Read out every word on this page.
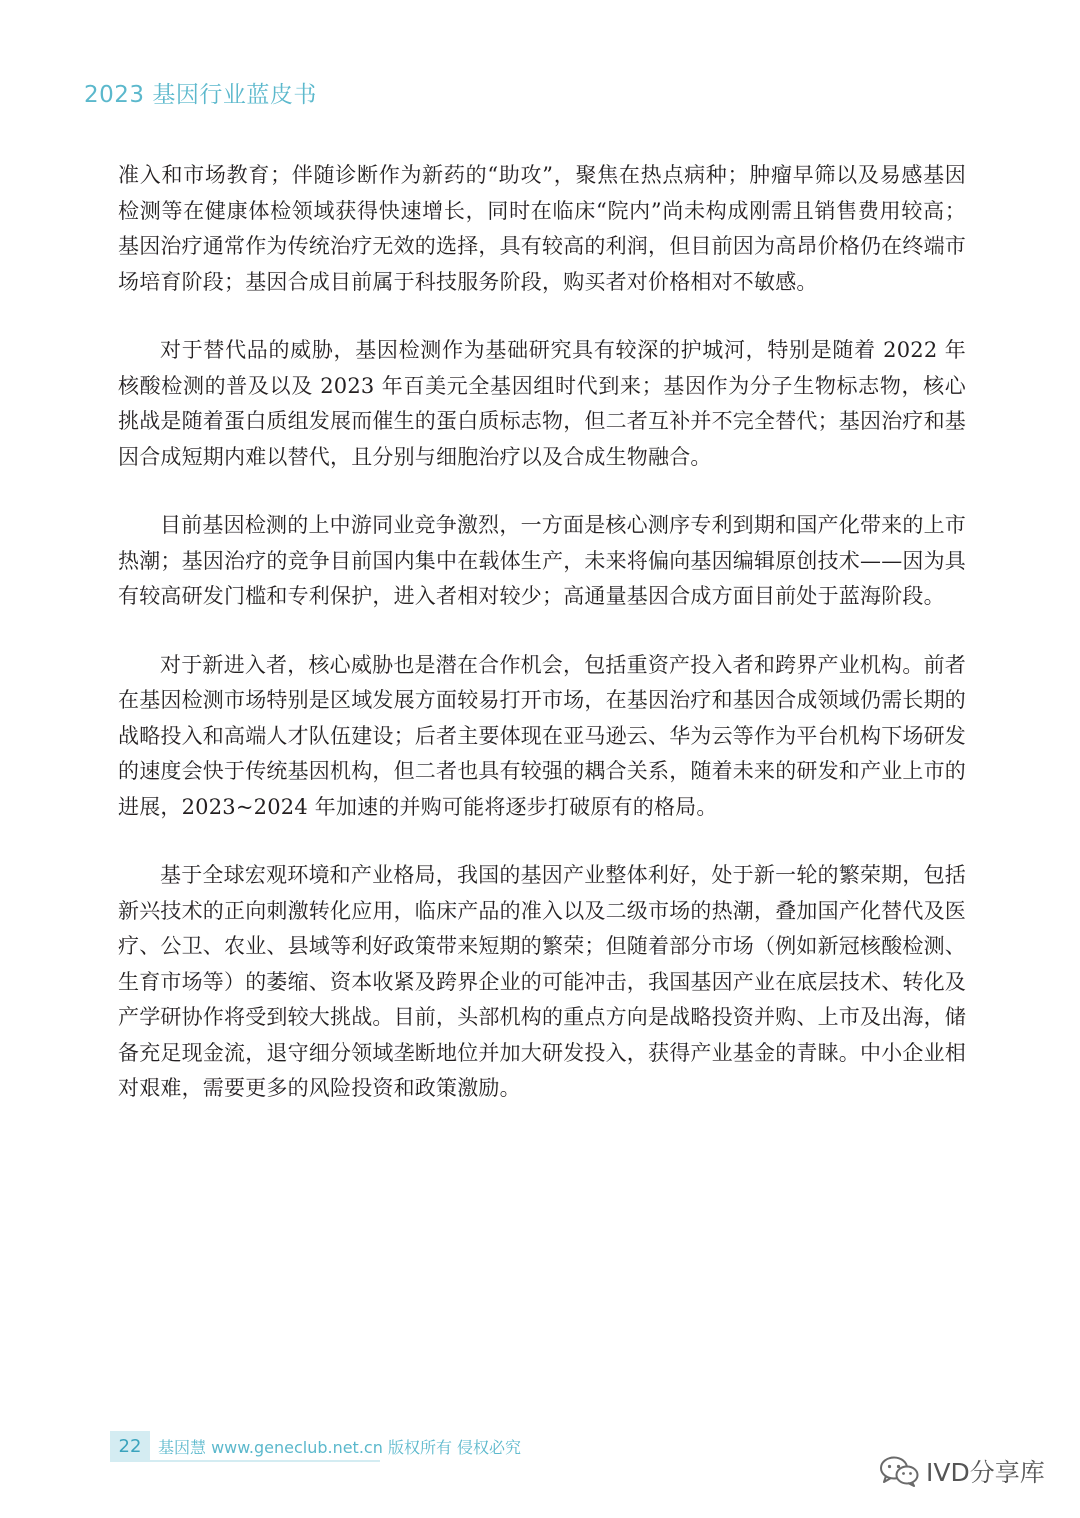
2023 基因行业蓝皮书

准入和市场教育；伴随诊断作为新药的“助攻”，聚焦在热点病种；肿瘤早筛以及易感基因检测等在健康体检领域获得快速增长，同时在临床“院内”尚未构成刚需且销售费用较高；基因治疗通常作为传统治疗无效的选择，具有较高的利润，但目前因为高昂价格仍在终端市场培育阶段；基因合成目前属于科技服务阶段，购买者对价格相对不敏感。

对于替代品的威胁，基因检测作为基础研究具有较深的护城河，特别是随着 2022 年核酸检测的普及以及 2023 年百美元全基因组时代到来；基因作为分子生物标志物，核心挑战是随着蛋白质组发展而催生的蛋白质标志物，但二者互补并不完全替代；基因治疗和基因合成短期内难以替代，且分别与细胞治疗以及合成生物融合。

目前基因检测的上中游同业竞争激烈，一方面是核心测序专利到期和国产化带来的上市热潮；基因治疗的竞争目前国内集中在载体生产，未来将偏向基因编辑原创技术——因为具有较高研发门槛和专利保护，进入者相对较少；高通量基因合成方面目前处于蓝海阶段。

对于新进入者，核心威胁也是潜在合作机会，包括重资产投入者和跨界产业机构。前者在基因检测市场特别是区域发展方面较易打开市场，在基因治疗和基因合成领域仍需长期的战略投入和高端人才队伍建设；后者主要体现在亚马逊云、华为云等作为平台机构下场研发的速度会快于传统基因机构，但二者也具有较强的耦合关系，随着未来的研发和产业上市的进展，2023~2024 年加速的并购可能将逐步打破原有的格局。

基于全球宏观环境和产业格局，我国的基因产业整体利好，处于新一轮的繁荣期，包括新兴技术的正向刺激转化应用，临床产品的准入以及二级市场的热潮，叠加国产化替代及医疗、公卫、农业、县域等利好政策带来短期的繁荣；但随着部分市场（例如新冠核酸检测、生育市场等）的萎缩、资本收紧及跨界企业的可能冲击，我国基因产业在底层技术、转化及产学研协作将受到较大挑战。目前，头部机构的重点方向是战略投资并购、上市及出海，储备充足现金流，退守细分领域垄断地位并加大研发投入，获得产业基金的青睐。中小企业相对艰难，需要更多的风险投资和政策激励。

22	基因慧 www.geneclub.net.cn 版权所有 侵权必究
IVD分享库
